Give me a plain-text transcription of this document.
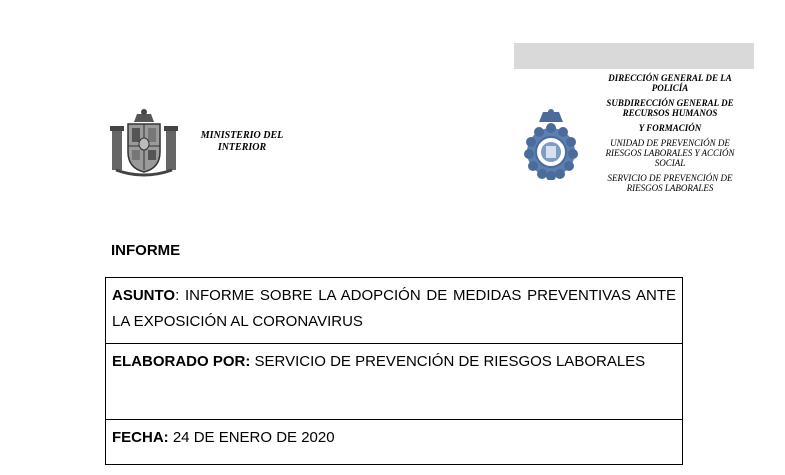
MINISTERIO DEL
INTERIOR
DIRECCIÓN GENERAL DE LA
POLICÍA
SUBDIRECCIÓN GENERAL DE
RECURSOS HUMANOS
Y FORMACIÓN
UNIDAD DE PREVENCIÓN DE
RIESGOS LABORALES Y ACCIÓN
SOCIAL
SERVICIO DE PREVENCIÓN DE
RIESGOS LABORALES
INFORME
ASUNTO: INFORME SOBRE LA ADOPCIÓN DE MEDIDAS PREVENTIVAS ANTE LA EXPOSICIÓN AL CORONAVIRUS
ELABORADO POR: SERVICIO DE PREVENCIÓN DE RIESGOS LABORALES
FECHA: 24 DE ENERO DE 2020
